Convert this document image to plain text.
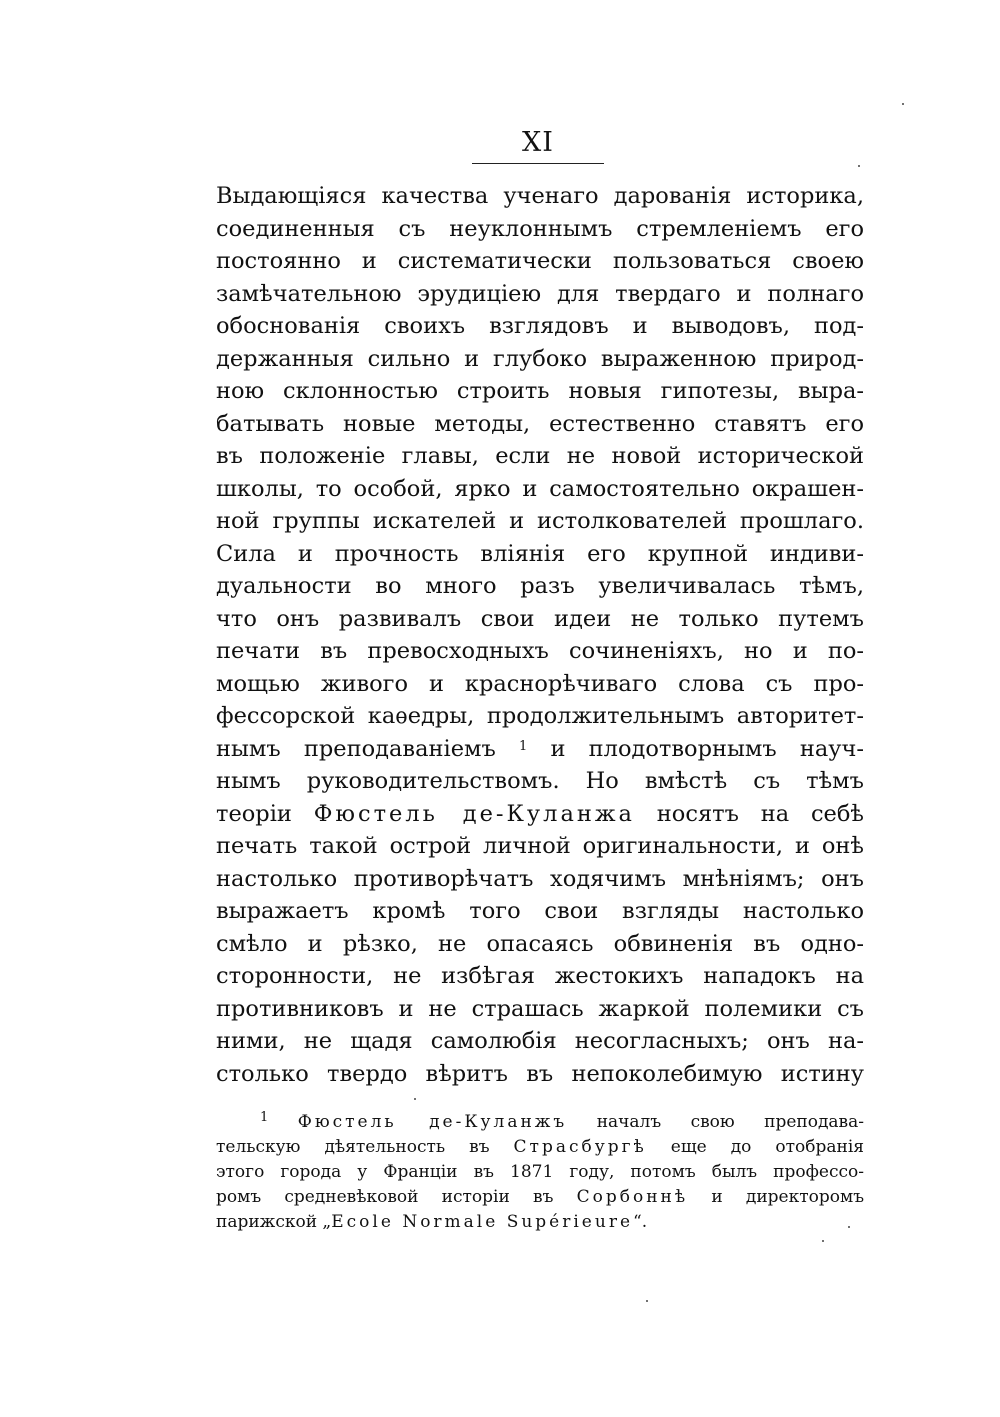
XI
Выдающіяся качества ученаго дарованія историка,
соединенныя съ неуклоннымъ стремленіемъ его
постоянно и систематически пользоваться своею
замѣчательною эрудиціею для твердаго и полнаго
обоснованія своихъ взглядовъ и выводовъ, под-
держанныя сильно и глубоко выраженною природ-
ною склонностью строить новыя гипотезы, выра-
батывать новые методы, естественно ставятъ его
въ положеніе главы, если не новой исторической
школы, то особой, ярко и самостоятельно окрашен-
ной группы искателей и истолкователей прошлаго.
Сила и прочность вліянія его крупной индиви-
дуальности во много разъ увеличивалась тѣмъ,
что онъ развивалъ свои идеи не только путемъ
печати въ превосходныхъ сочиненіяхъ, но и по-
мощью живого и краснорѣчиваго слова съ про-
фессорской каѳедры, продолжительнымъ авторитет-
нымъ преподаваніемъ $^1$ и плодотворнымъ науч-
нымъ руководительствомъ. Но вмѣстѣ съ тѣмъ
теоріи Фюстель де-Куланжа носятъ на себѣ
печать такой острой личной оригинальности, и онѣ
настолько противорѣчатъ ходячимъ мнѣніямъ; онъ
выражаетъ кромѣ того свои взгляды настолько
смѣло и рѣзко, не опасаясь обвиненія въ одно-
сторонности, не избѣгая жестокихъ нападокъ на
противниковъ и не страшась жаркой полемики съ
ними, не щадя самолюбія несогласныхъ; онъ на-
столько твердо вѣритъ въ непоколебимую истину
$^1$ Фюстель де-Куланжъ началъ свою преподава-
тельскую дѣятельность въ Страсбургѣ еще до отобранія
этого города у Франціи въ 1871 году, потомъ былъ профессо-
ромъ средневѣковой исторіи въ Сорбоннѣ и директоромъ
парижской „Ecole Normale Supérieure“.
